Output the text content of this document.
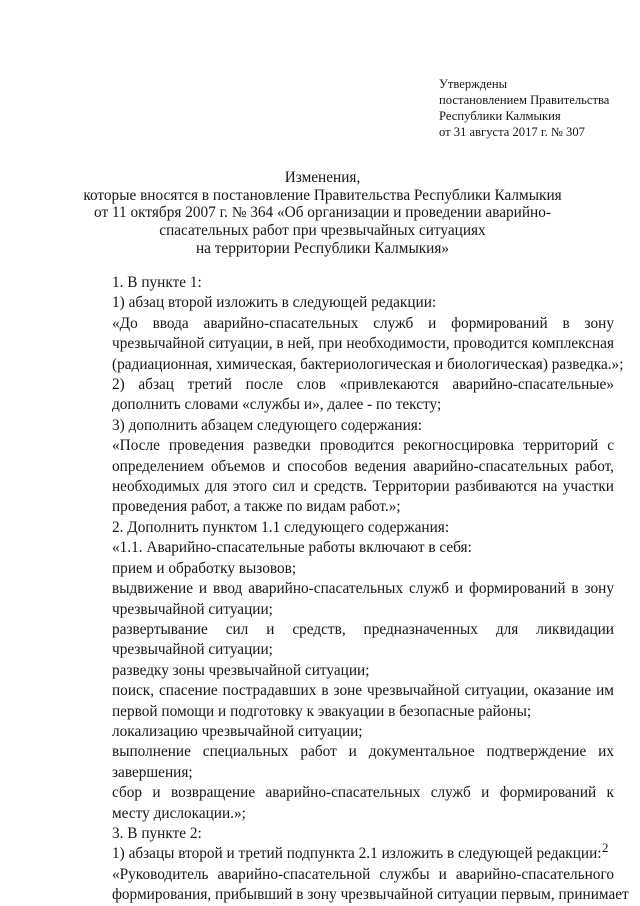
Утверждены
постановлением Правительства
Республики Калмыкия
от 31 августа 2017 г. № 307
Изменения,
которые вносятся в постановление Правительства Республики Калмыкия
от 11 октября 2007 г. № 364 «Об организации и проведении аварийно-
спасательных работ при чрезвычайных ситуациях
на территории Республики Калмыкия»
1. В пункте 1:
1) абзац второй изложить в следующей редакции:
«До ввода аварийно-спасательных служб и формирований в зону
чрезвычайной ситуации, в ней, при необходимости, проводится комплексная
(радиационная, химическая, бактериологическая и биологическая) разведка.»;
2) абзац третий после слов «привлекаются аварийно-спасательные»
дополнить словами «службы и», далее - по тексту;
3) дополнить абзацем следующего содержания:
«После проведения разведки проводится рекогносцировка территорий с
определением объемов и способов ведения аварийно-спасательных работ,
необходимых для этого сил и средств. Территории разбиваются на участки
проведения работ, а также по видам работ.»;
2. Дополнить пунктом 1.1 следующего содержания:
«1.1. Аварийно-спасательные работы включают в себя:
прием и обработку вызовов;
выдвижение и ввод аварийно-спасательных служб и формирований в зону
чрезвычайной ситуации;
развертывание сил и средств, предназначенных для ликвидации
чрезвычайной ситуации;
разведку зоны чрезвычайной ситуации;
поиск, спасение пострадавших в зоне чрезвычайной ситуации, оказание им
первой помощи и подготовку к эвакуации в безопасные районы;
локализацию чрезвычайной ситуации;
выполнение специальных работ и документальное подтверждение их
завершения;
сбор и возвращение аварийно-спасательных служб и формирований к
месту дислокации.»;
3. В пункте 2:
1) абзацы второй и третий подпункта 2.1 изложить в следующей редакции:
«Руководитель аварийно-спасательной службы и аварийно-спасательного
формирования, прибывший в зону чрезвычайной ситуации первым, принимает
2
